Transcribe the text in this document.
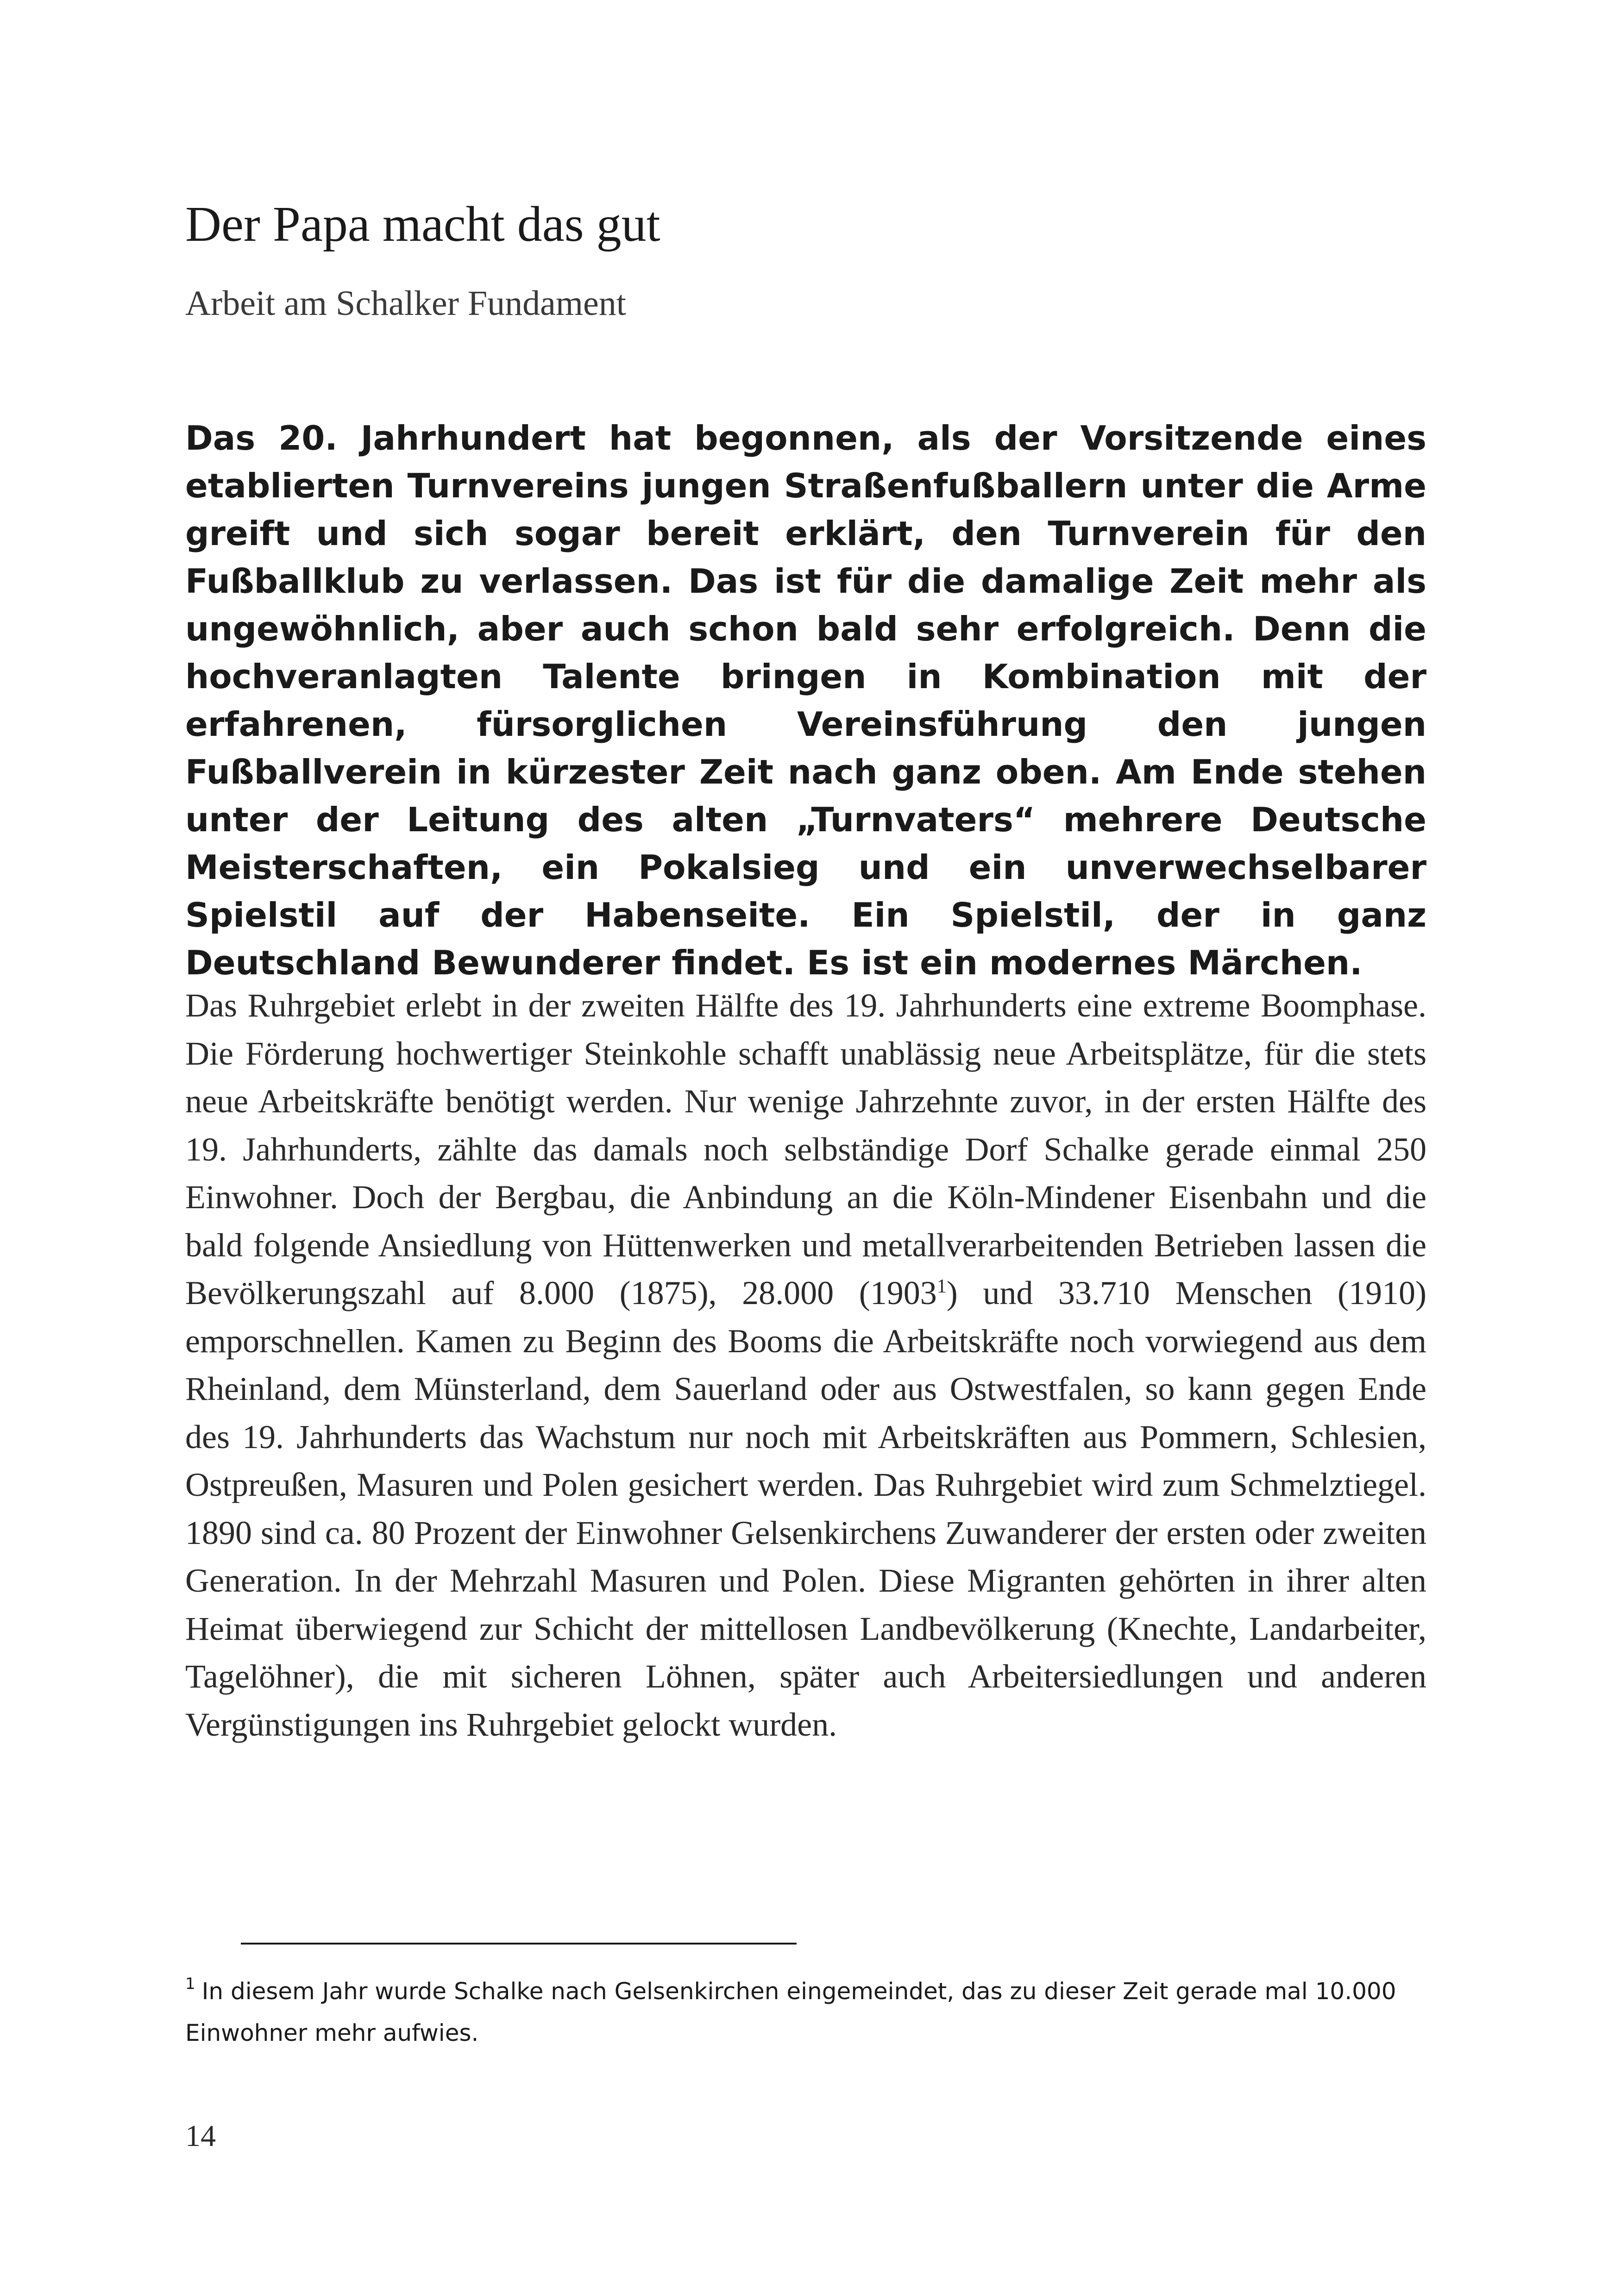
Der Papa macht das gut
Arbeit am Schalker Fundament

Das 20. Jahrhundert hat begonnen, als der Vorsitzende eines etablierten Turnvereins jungen Straßenfußballern unter die Arme greift und sich sogar bereit erklärt, den Turnverein für den Fußballklub zu verlassen. Das ist für die damalige Zeit mehr als ungewöhnlich, aber auch schon bald sehr erfolgreich. Denn die hochveranlagten Talente bringen in Kombination mit der erfahrenen, fürsorglichen Vereinsführung den jungen Fußballverein in kürzester Zeit nach ganz oben. Am Ende stehen unter der Leitung des alten „Turnvaters“ mehrere Deutsche Meisterschaften, ein Pokalsieg und ein unverwechselbarer Spielstil auf der Habenseite. Ein Spielstil, der in ganz Deutschland Bewunderer findet. Es ist ein modernes Märchen.

Das Ruhrgebiet erlebt in der zweiten Hälfte des 19. Jahrhunderts eine extreme Boomphase. Die Förderung hochwertiger Steinkohle schafft unablässig neue Arbeitsplätze, für die stets neue Arbeitskräfte benötigt werden. Nur wenige Jahrzehnte zuvor, in der ersten Hälfte des 19. Jahrhunderts, zählte das damals noch selbständige Dorf Schalke gerade einmal 250 Einwohner. Doch der Bergbau, die Anbindung an die Köln-Mindener Eisenbahn und die bald folgende Ansiedlung von Hüttenwerken und metallverarbeitenden Betrieben lassen die Bevölkerungszahl auf 8.000 (1875), 28.000 (1903$^1$) und 33.710 Menschen (1910) emporschnellen. Kamen zu Beginn des Booms die Arbeitskräfte noch vorwiegend aus dem Rheinland, dem Münsterland, dem Sauerland oder aus Ostwestfalen, so kann gegen Ende des 19. Jahrhunderts das Wachstum nur noch mit Arbeitskräften aus Pommern, Schlesien, Ostpreußen, Masuren und Polen gesichert werden. Das Ruhrgebiet wird zum Schmelztiegel. 1890 sind ca. 80 Prozent der Einwohner Gelsenkirchens Zuwanderer der ersten oder zweiten Generation. In der Mehrzahl Masuren und Polen. Diese Migranten gehörten in ihrer alten Heimat überwiegend zur Schicht der mittellosen Landbevölkerung (Knechte, Landarbeiter, Tagelöhner), die mit sicheren Löhnen, später auch Arbeitersiedlungen und anderen Vergünstigungen ins Ruhrgebiet gelockt wurden.

$^1$ In diesem Jahr wurde Schalke nach Gelsenkirchen eingemeindet, das zu dieser Zeit gerade mal 10.000 Einwohner mehr aufwies.

14
